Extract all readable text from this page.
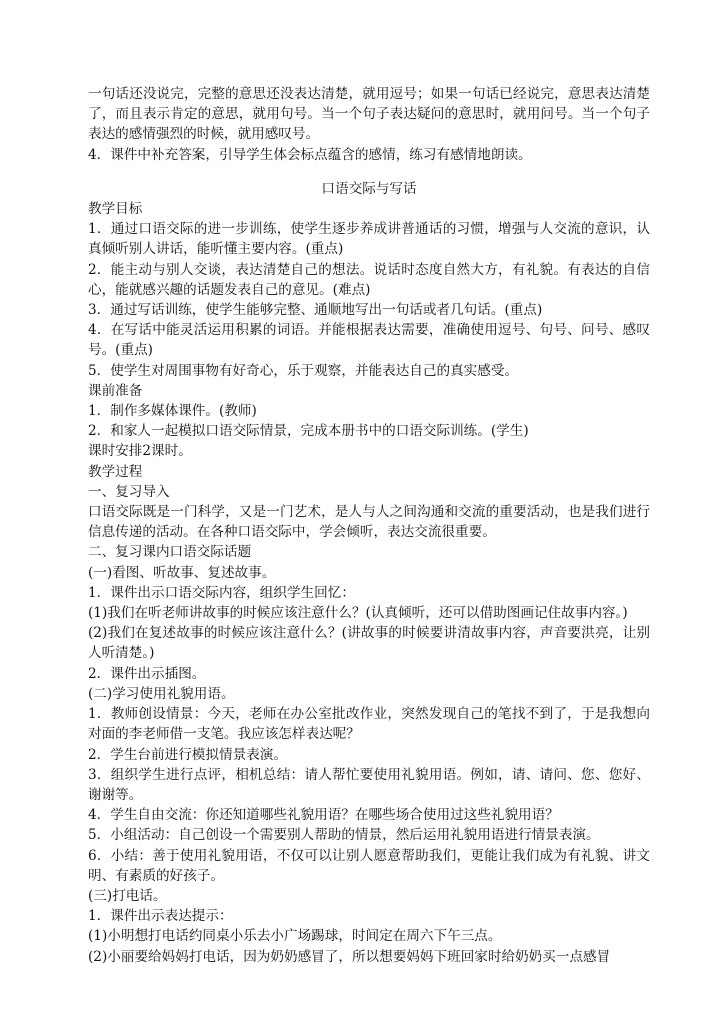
一句话还没说完，完整的意思还没表达清楚，就用逗号；如果一句话已经说完，意思表达清楚了，而且表示肯定的意思，就用句号。当一个句子表达疑问的意思时，就用问号。当一个句子表达的感情强烈的时候，就用感叹号。

4．课件中补充答案，引导学生体会标点蕴含的感情，练习有感情地朗读。

口语交际与写话

教学目标

1．通过口语交际的进一步训练，使学生逐步养成讲普通话的习惯，增强与人交流的意识，认真倾听别人讲话，能听懂主要内容。(重点)

2．能主动与别人交谈，表达清楚自己的想法。说话时态度自然大方，有礼貌。有表达的自信心，能就感兴趣的话题发表自己的意见。(难点)

3．通过写话训练，使学生能够完整、通顺地写出一句话或者几句话。(重点)

4．在写话中能灵活运用积累的词语。并能根据表达需要，准确使用逗号、句号、问号、感叹号。(重点)

5．使学生对周围事物有好奇心，乐于观察，并能表达自己的真实感受。

课前准备

1．制作多媒体课件。(教师)

2．和家人一起模拟口语交际情景，完成本册书中的口语交际训练。(学生)

课时安排2课时。

教学过程

一、复习导入

口语交际既是一门科学，又是一门艺术，是人与人之间沟通和交流的重要活动，也是我们进行信息传递的活动。在各种口语交际中，学会倾听，表达交流很重要。

二、复习课内口语交际话题

(一)看图、听故事、复述故事。

1．课件出示口语交际内容，组织学生回忆：

(1)我们在听老师讲故事的时候应该注意什么？(认真倾听，还可以借助图画记住故事内容。)

(2)我们在复述故事的时候应该注意什么？(讲故事的时候要讲清故事内容，声音要洪亮，让别人听清楚。)

2．课件出示插图。

(二)学习使用礼貌用语。

1．教师创设情景：今天，老师在办公室批改作业，突然发现自己的笔找不到了，于是我想向对面的李老师借一支笔。我应该怎样表达呢？

2．学生台前进行模拟情景表演。

3．组织学生进行点评，相机总结：请人帮忙要使用礼貌用语。例如，请、请问、您、您好、谢谢等。

4．学生自由交流：你还知道哪些礼貌用语？在哪些场合使用过这些礼貌用语？

5．小组活动：自己创设一个需要别人帮助的情景，然后运用礼貌用语进行情景表演。

6．小结：善于使用礼貌用语，不仅可以让别人愿意帮助我们，更能让我们成为有礼貌、讲文明、有素质的好孩子。

(三)打电话。

1．课件出示表达提示：

(1)小明想打电话约同桌小乐去小广场踢球，时间定在周六下午三点。

(2)小丽要给妈妈打电话，因为奶奶感冒了，所以想要妈妈下班回家时给奶奶买一点感冒
